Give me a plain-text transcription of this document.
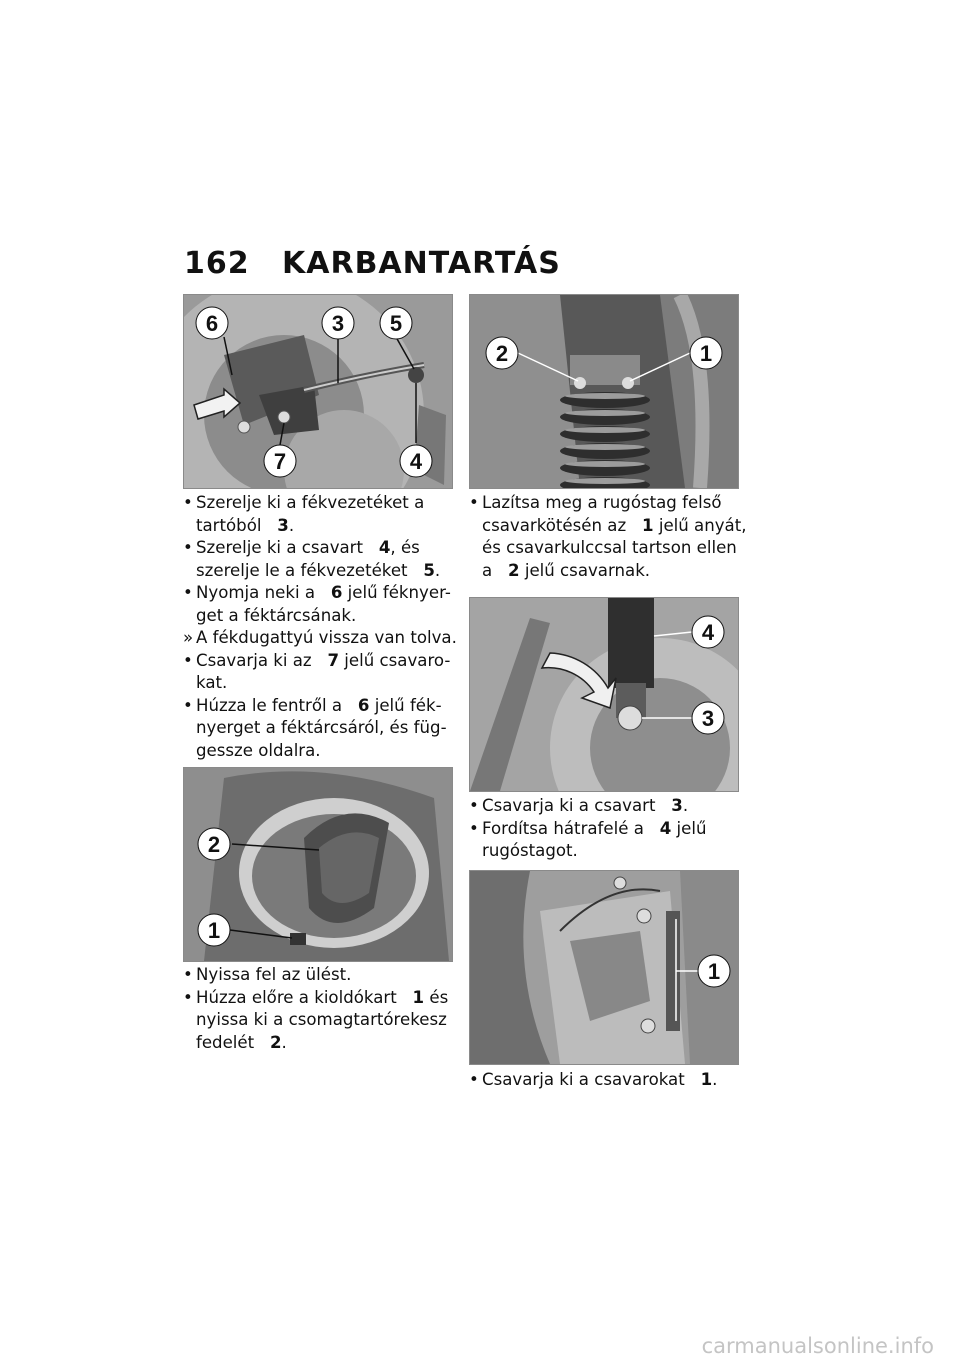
162	KARBANTARTÁS
6	3 5
7	4
• Szerelje ki a fékvezetéket a
tartóból 3.
• Szerelje ki a csavart 4, és
szerelje le a fékvezetéket 5.
• Nyomja neki a 6 jelű féknyer-
get a féktárcsának.
» A fékdugattyú vissza van tolva.
• Csavarja ki az 7 jelű csavaro-
kat.
• Húzza le fentről a 6 jelű fék-
nyerget a féktárcsáról, és füg-
gessze oldalra.
2
1
• Nyissa fel az ülést.
• Húzza előre a kioldókart 1 és
nyissa ki a csomagtartórekesz
fedelét 2.
2	1
• Lazítsa meg a rugóstag felső
csavarkötésén az 1 jelű anyát,
és csavarkulccsal tartson ellen
a 2 jelű csavarnak.
4
3
• Csavarja ki a csavart 3.
• Fordítsa hátrafelé a 4 jelű
rugóstagot.
1
• Csavarja ki a csavarokat 1.
carmanualsonline.info
